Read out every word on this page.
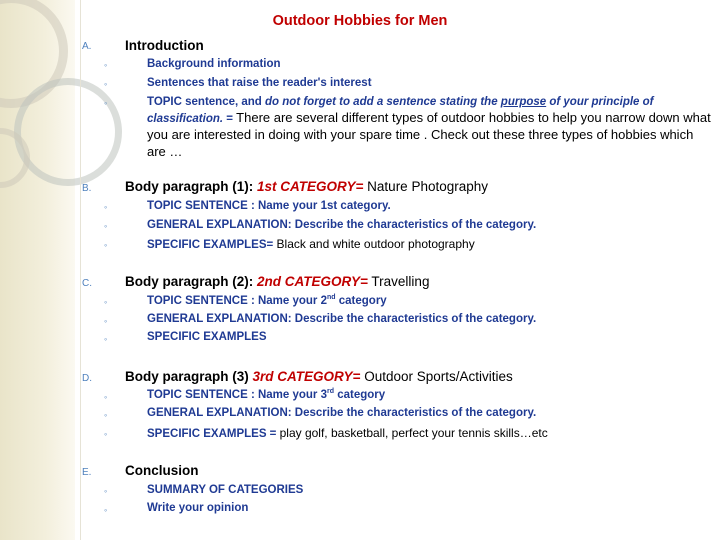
Outdoor Hobbies for Men
A. Introduction
◦	Background information
◦	Sentences that raise the reader's interest
◦	TOPIC sentence, and do not forget to add a sentence stating the purpose of your principle of classification. = There are several different types of outdoor hobbies to help you narrow down what you are interested in doing with your spare time . Check out these three types of hobbies which are …
B. Body paragraph (1): 1st CATEGORY= Nature Photography
◦	TOPIC SENTENCE : Name your 1st category.
◦	GENERAL EXPLANATION: Describe the characteristics of the category.
◦	SPECIFIC EXAMPLES= Black and white outdoor photography
C. Body paragraph (2): 2nd CATEGORY= Travelling
◦	TOPIC SENTENCE : Name your 2nd category
◦	GENERAL EXPLANATION: Describe the characteristics of the category.
◦	SPECIFIC EXAMPLES
D. Body paragraph (3) 3rd CATEGORY= Outdoor Sports/Activities
◦	TOPIC SENTENCE : Name your 3rd category
◦	GENERAL EXPLANATION: Describe the characteristics of the category.
◦	SPECIFIC EXAMPLES = play golf, basketball, perfect your tennis skills…etc
E. Conclusion
◦	SUMMARY OF CATEGORIES
◦	Write your opinion
